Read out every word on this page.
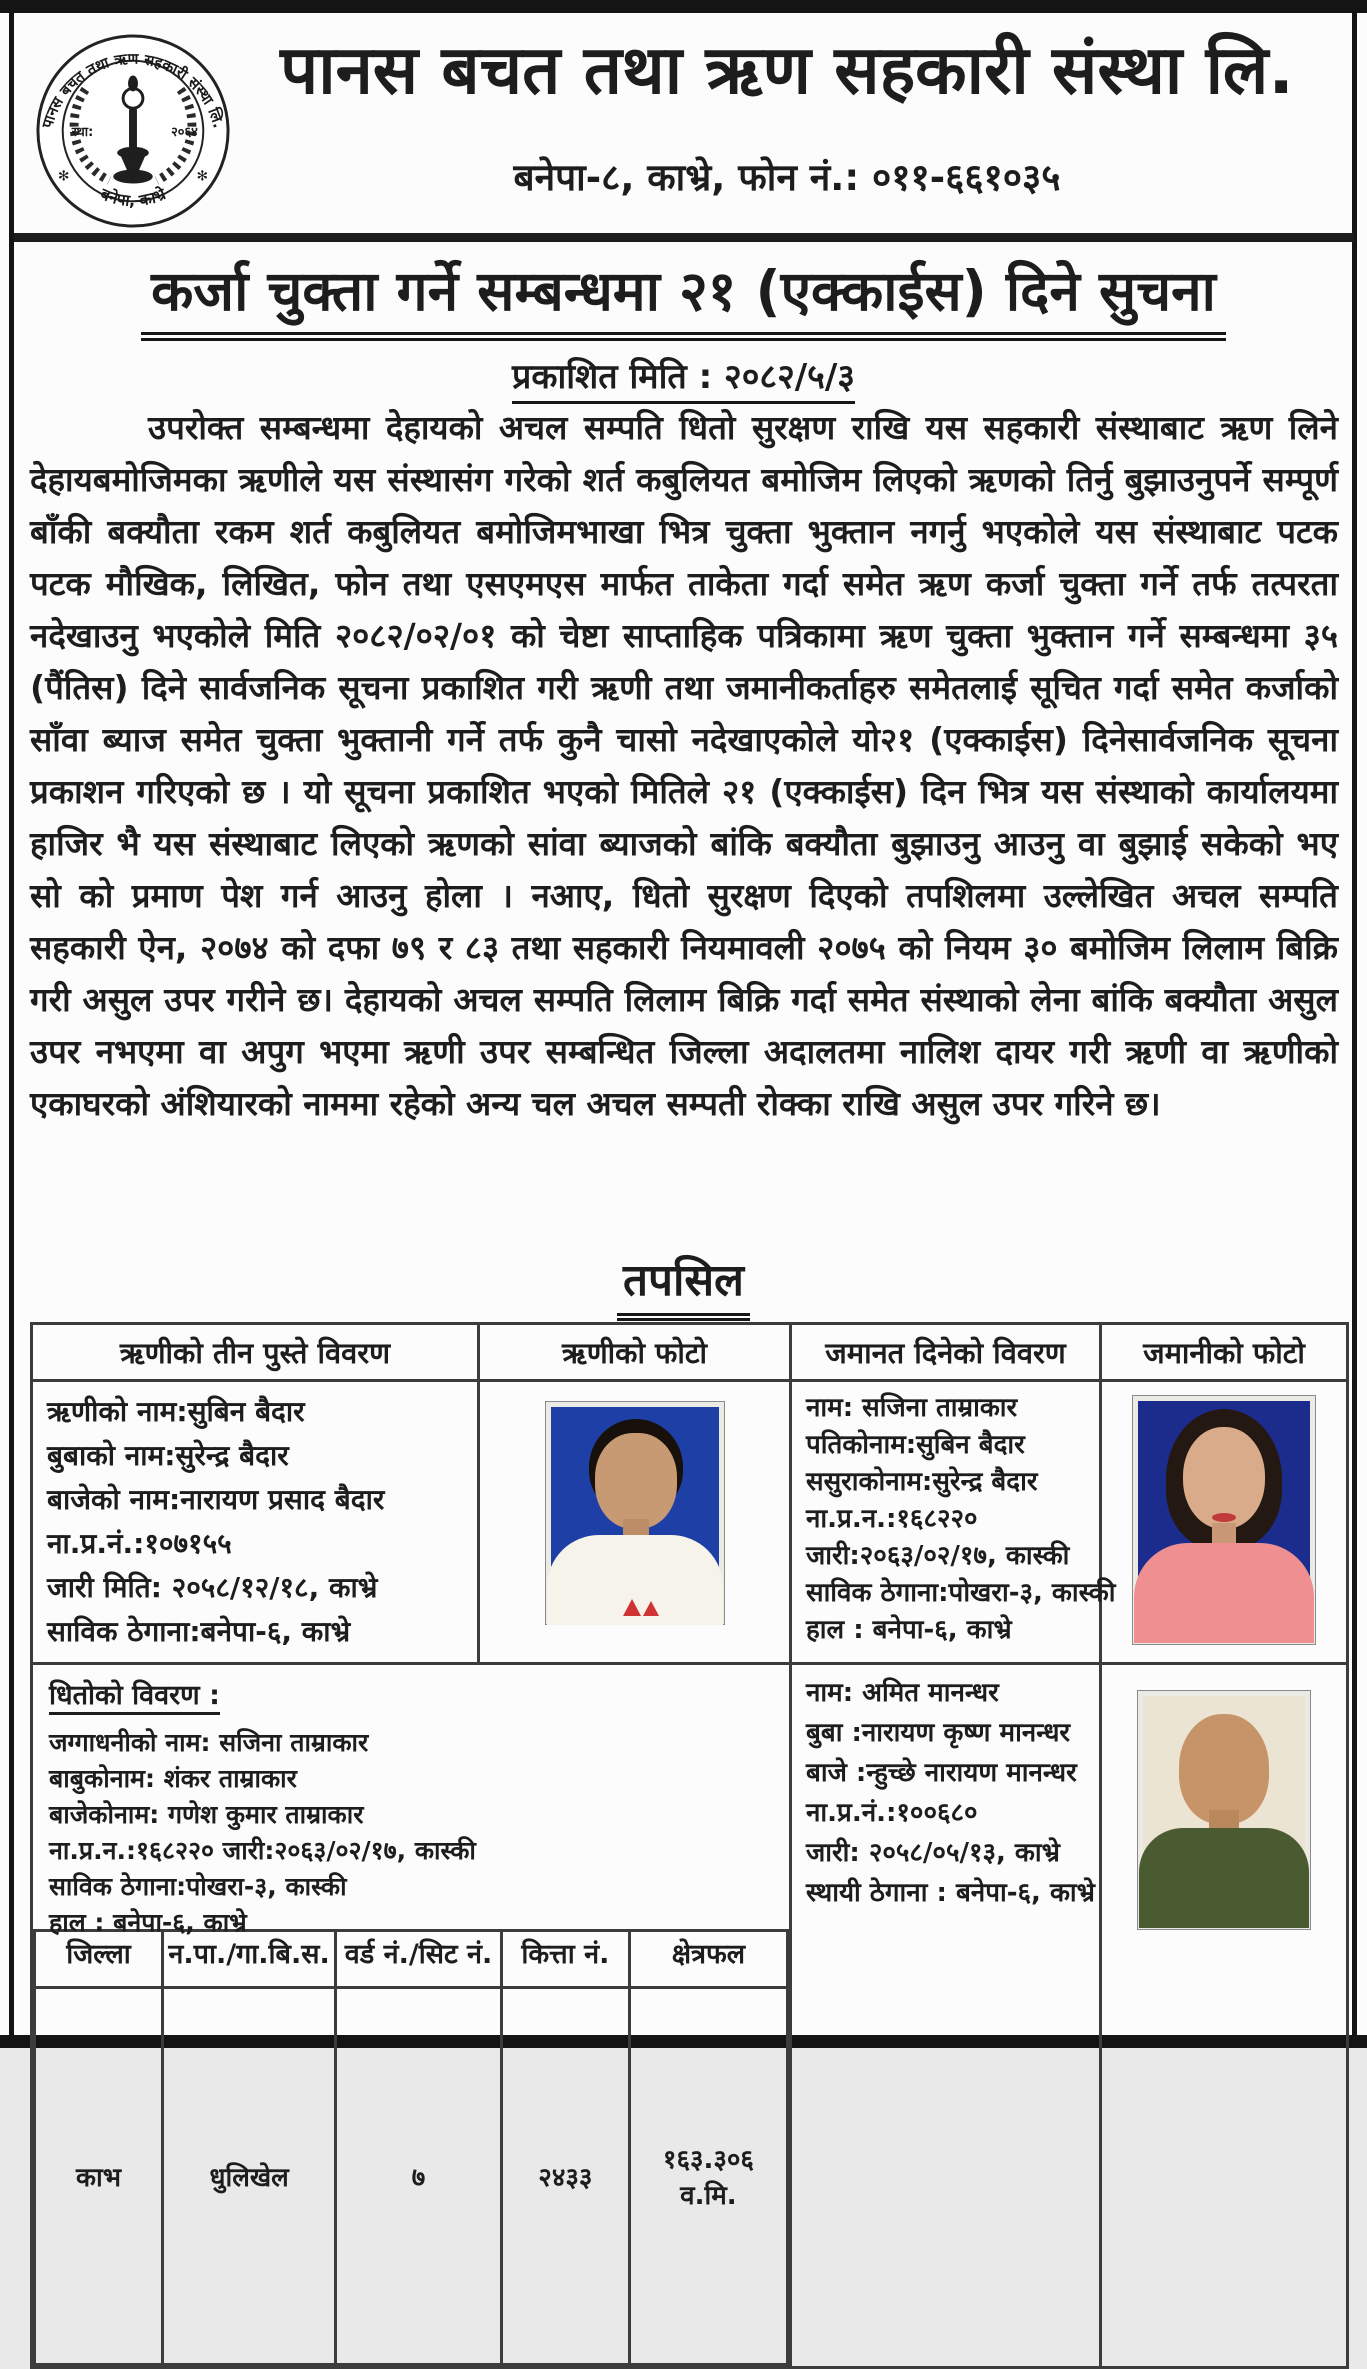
पानस बचत तथा ऋण सहकारी संस्था लि.
बनेपा, काभ्रे
स्था:	२०६४
✻	✻
पानस बचत तथा ऋण सहकारी संस्था लि.
बनेपा-८, काभ्रे, फोन नं.: ०११-६६१०३५
कर्जा चुक्ता गर्ने सम्बन्धमा २१ (एक्काईस) दिने सुचना
प्रकाशित मिति : २०८२/५/३

उपरोक्त सम्बन्धमा देहायको अचल सम्पति धितो सुरक्षण राखि यस सहकारी संस्थाबाट ऋण लिने देहायबमोजिमका ऋणीले यस संस्थासंग गरेको शर्त कबुलियत बमोजिम लिएको ऋणको तिर्नु बुझाउनुपर्ने सम्पूर्ण बाँकी बक्यौता रकम शर्त कबुलियत बमोजिमभाखा भित्र चुक्ता भुक्तान नगर्नु भएकोले यस संस्थाबाट पटक पटक मौखिक, लिखित, फोन तथा एसएमएस मार्फत ताकेता गर्दा समेत ऋण कर्जा चुक्ता गर्ने तर्फ तत्परता नदेखाउनु भएकोले मिति २०८२/०२/०१ को चेष्टा साप्ताहिक पत्रिकामा ऋण चुक्ता भुक्तान गर्ने सम्बन्धमा ३५ (पैंतिस) दिने सार्वजनिक सूचना प्रकाशित गरी ऋणी तथा जमानीकर्ताहरु समेतलाई सूचित गर्दा समेत कर्जाको साँवा ब्याज समेत चुक्ता भुक्तानी गर्ने तर्फ कुनै चासो नदेखाएकोले यो२१ (एक्काईस) दिनेसार्वजनिक सूचना प्रकाशन गरिएको छ । यो सूचना प्रकाशित भएको मितिले २१ (एक्काईस) दिन भित्र यस संस्थाको कार्यालयमा हाजिर भै यस संस्थाबाट लिएको ऋणको सांवा ब्याजको बांकि बक्यौता बुझाउनु आउनु वा बुझाई सकेको भए सो को प्रमाण पेश गर्न आउनु होला । नआए, धितो सुरक्षण दिएको तपशिलमा उल्लेखित अचल सम्पति सहकारी ऐन, २०७४ को दफा ७९ र ८३ तथा सहकारी नियमावली २०७५ को नियम ३० बमोजिम लिलाम बिक्रि गरी असुल उपर गरीने छ। देहायको अचल सम्पति लिलाम बिक्रि गर्दा समेत संस्थाको लेना बांकि बक्यौता असुल उपर नभएमा वा अपुग भएमा ऋणी उपर सम्बन्धित जिल्ला अदालतमा नालिश दायर गरी ऋणी वा ऋणीको एकाघरको अंशियारको नाममा रहेको अन्य चल अचल सम्पती रोक्का राखि असुल उपर गरिने छ।

तपसिल
ऋणीको तीन पुस्ते विवरण	ऋणीको फोटो	जमानत दिनेको विवरण	जमानीको फोटो

ऋणीको नाम:सुबिन बैदार
बुबाको नाम:सुरेन्द्र बैदार
बाजेको नाम:नारायण प्रसाद बैदार
ना.प्र.नं.:१०७१५५
जारी मिति: २०५८/१२/१८, काभ्रे
साविक ठेगाना:बनेपा-६, काभ्रे

नाम: सजिना ताम्राकार
पतिकोनाम:सुबिन बैदार
ससुराकोनाम:सुरेन्द्र बैदार
ना.प्र.न.:१६८२२०
जारी:२०६३/०२/१७, कास्की
साविक ठेगाना:पोखरा-३, कास्की
हाल : बनेपा-६, काभ्रे

धितोको विवरण :
जग्गाधनीको नाम: सजिना ताम्राकार
बाबुकोनाम: शंकर ताम्राकार
बाजेकोनाम: गणेश कुमार ताम्राकार
ना.प्र.न.:१६८२२० जारी:२०६३/०२/१७, कास्की
साविक ठेगाना:पोखरा-३, कास्की
हाल : बनेपा-६, काभ्रे
जिल्ला	न.पा./गा.बि.स.	वर्ड नं./सिट नं.	कित्ता नं.	क्षेत्रफल
काभ	धुलिखेल	७	२४३३	१६३.३०६ व.मि.

नाम: अमित मानन्धर
बुबा :नारायण कृष्ण मानन्धर
बाजे :न्हुच्छे नारायण मानन्धर
ना.प्र.नं.:१००६८०
जारी: २०५८/०५/१३, काभ्रे
स्थायी ठेगाना : बनेपा-६, काभ्रे
